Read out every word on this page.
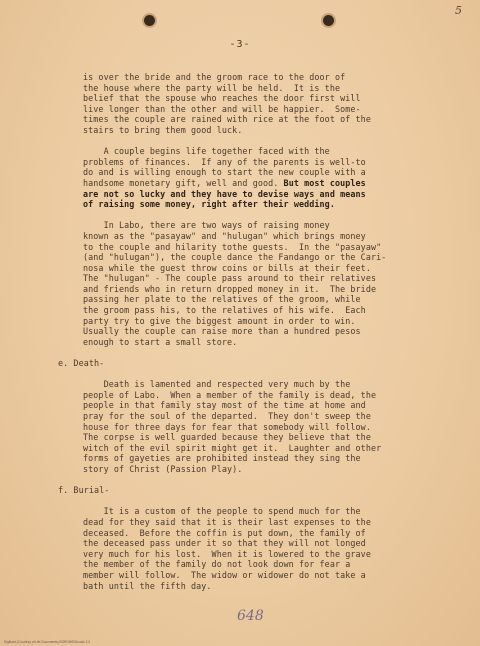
5
-3-

is over the bride and the groom race to the door of

the house where the party will be held.  It is the

belief that the spouse who reaches the door first will

live longer than the other and will be happier.  Some-

times the couple are rained with rice at the foot of the

stairs to bring them good luck.

A couple begins life together faced with the

problems of finances.  If any of the parents is well-to

do and is willing enough to start the new couple with a

handsome monetary gift, well and good. But most couples

are not so lucky and they have to devise ways and means

of raising some money, right after their wedding.

In Labo, there are two ways of raising money

known as the "pasayaw" and "hulugan" which brings money

to the couple and hilarity tothe guests.  In the "pasayaw"

(and "hulugan"), the couple dance the Fandango or the Cari-

nosa while the guest throw coins or bills at their feet.

The "hulugan" - The couple pass around to their relatives

and friends who in return dropped money in it.  The bride

passing her plate to the relatives of the groom, while

the groom pass his, to the relatives of his wife.  Each

party try to give the biggest amount in order to win.

Usually the couple can raise more than a hundred pesos

enough to start a small store.

e. Death-

Death is lamented and respected very much by the

people of Labo.  When a member of the family is dead, the

people in that family stay most of the time at home and

pray for the soul of the departed.  They don't sweep the

house for three days for fear that somebody will follow.

The corpse is well guarded because they believe that the

witch of the evil spirit might get it.  Laughter and other

forms of gayeties are prohibited instead they sing the

story of Christ (Passion Play).

f. Burial-

It is a custom of the people to spend much for the

dead for they said that it is their last expenses to the

deceased.  Before the coffin is put down, the family of

the deceased pass under it so that they will not longed

very much for his lost.  When it is lowered to the grave

the member of the family do not look down for fear a

member will follow.  The widow or widower do not take a

bath until the fifth day.

648
Digitized (Courtesy of Life Documents) BOROWEDbooks 2.0
